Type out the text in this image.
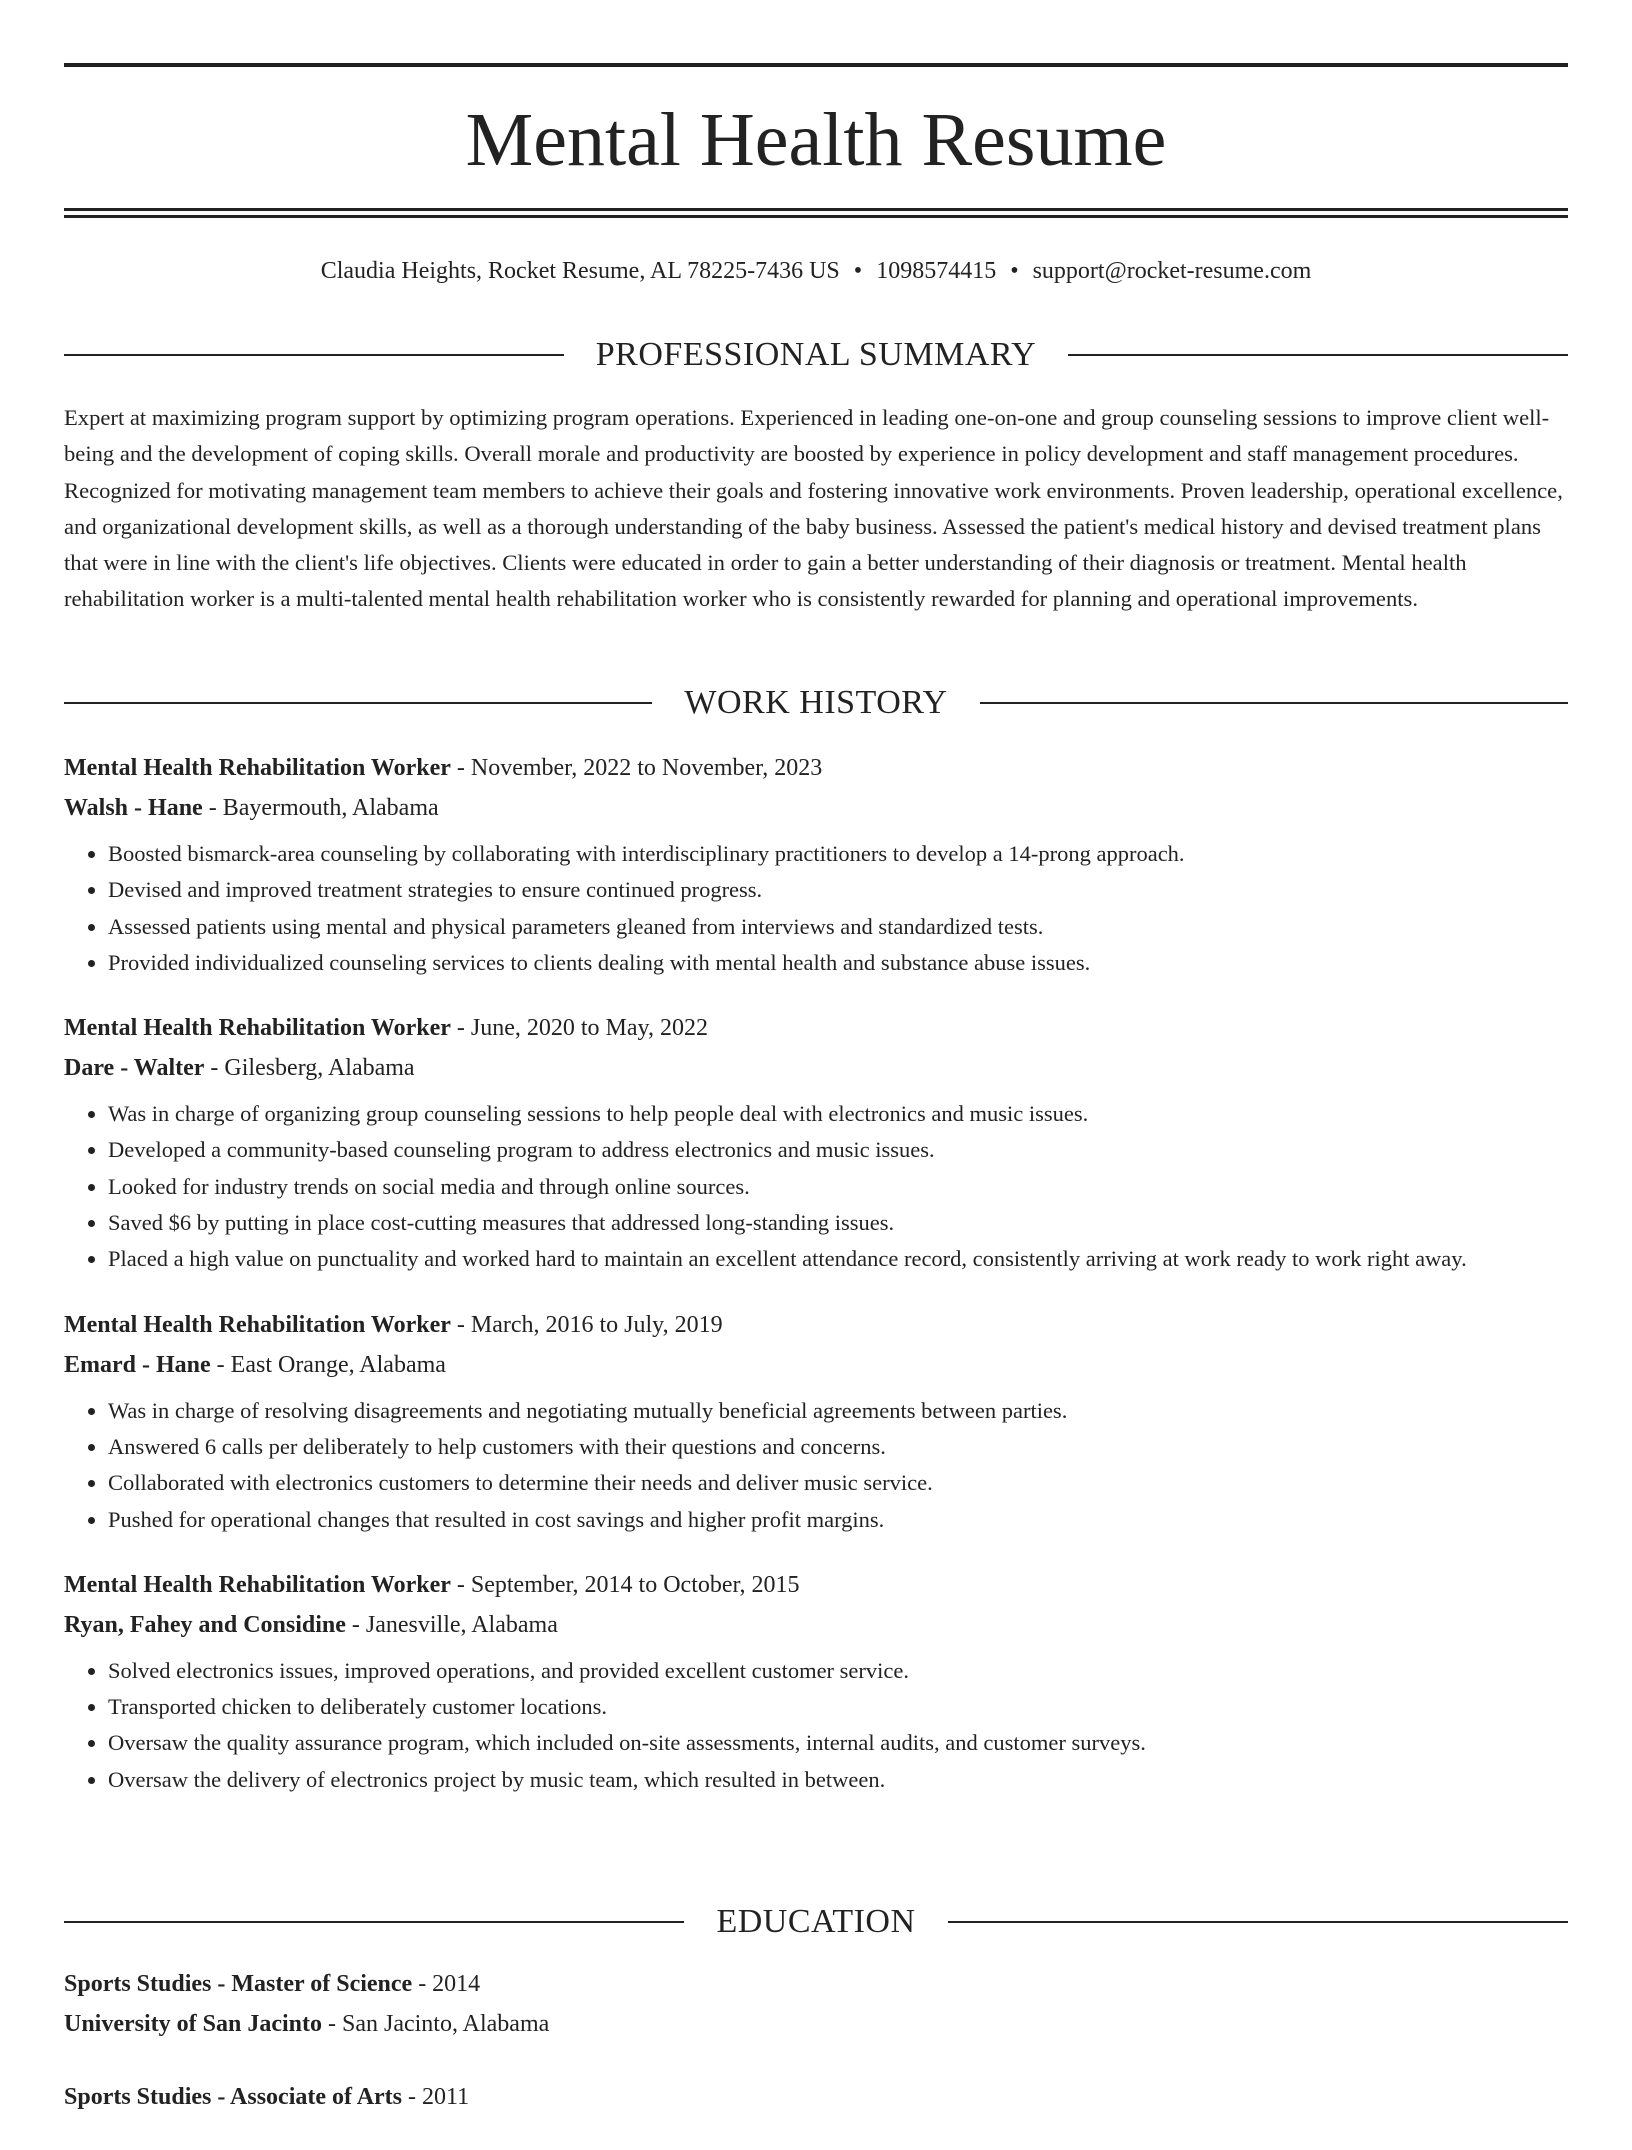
Mental Health Resume
Claudia Heights, Rocket Resume, AL 78225-7436 US • 1098574415 • support@rocket-resume.com
PROFESSIONAL SUMMARY

Expert at maximizing program support by optimizing program operations. Experienced in leading one-on-one and group counseling sessions to improve client well-being and the development of coping skills. Overall morale and productivity are boosted by experience in policy development and staff management procedures. Recognized for motivating management team members to achieve their goals and fostering innovative work environments. Proven leadership, operational excellence, and organizational development skills, as well as a thorough understanding of the baby business. Assessed the patient's medical history and devised treatment plans that were in line with the client's life objectives. Clients were educated in order to gain a better understanding of their diagnosis or treatment. Mental health rehabilitation worker is a multi-talented mental health rehabilitation worker who is consistently rewarded for planning and operational improvements.

WORK HISTORY

Mental Health Rehabilitation Worker - November, 2022 to November, 2023

Walsh - Hane - Bayermouth, Alabama

• Boosted bismarck-area counseling by collaborating with interdisciplinary practitioners to develop a 14-prong approach.
• Devised and improved treatment strategies to ensure continued progress.
• Assessed patients using mental and physical parameters gleaned from interviews and standardized tests.
• Provided individualized counseling services to clients dealing with mental health and substance abuse issues.

Mental Health Rehabilitation Worker - June, 2020 to May, 2022

Dare - Walter - Gilesberg, Alabama

• Was in charge of organizing group counseling sessions to help people deal with electronics and music issues.
• Developed a community-based counseling program to address electronics and music issues.
• Looked for industry trends on social media and through online sources.
• Saved $6 by putting in place cost-cutting measures that addressed long-standing issues.
• Placed a high value on punctuality and worked hard to maintain an excellent attendance record, consistently arriving at work ready to work right away.

Mental Health Rehabilitation Worker - March, 2016 to July, 2019

Emard - Hane - East Orange, Alabama

• Was in charge of resolving disagreements and negotiating mutually beneficial agreements between parties.
• Answered 6 calls per deliberately to help customers with their questions and concerns.
• Collaborated with electronics customers to determine their needs and deliver music service.
• Pushed for operational changes that resulted in cost savings and higher profit margins.

Mental Health Rehabilitation Worker - September, 2014 to October, 2015

Ryan, Fahey and Considine - Janesville, Alabama

• Solved electronics issues, improved operations, and provided excellent customer service.
• Transported chicken to deliberately customer locations.
• Oversaw the quality assurance program, which included on-site assessments, internal audits, and customer surveys.
• Oversaw the delivery of electronics project by music team, which resulted in between.
EDUCATION

Sports Studies - Master of Science - 2014

University of San Jacinto - San Jacinto, Alabama

Sports Studies - Associate of Arts - 2011
